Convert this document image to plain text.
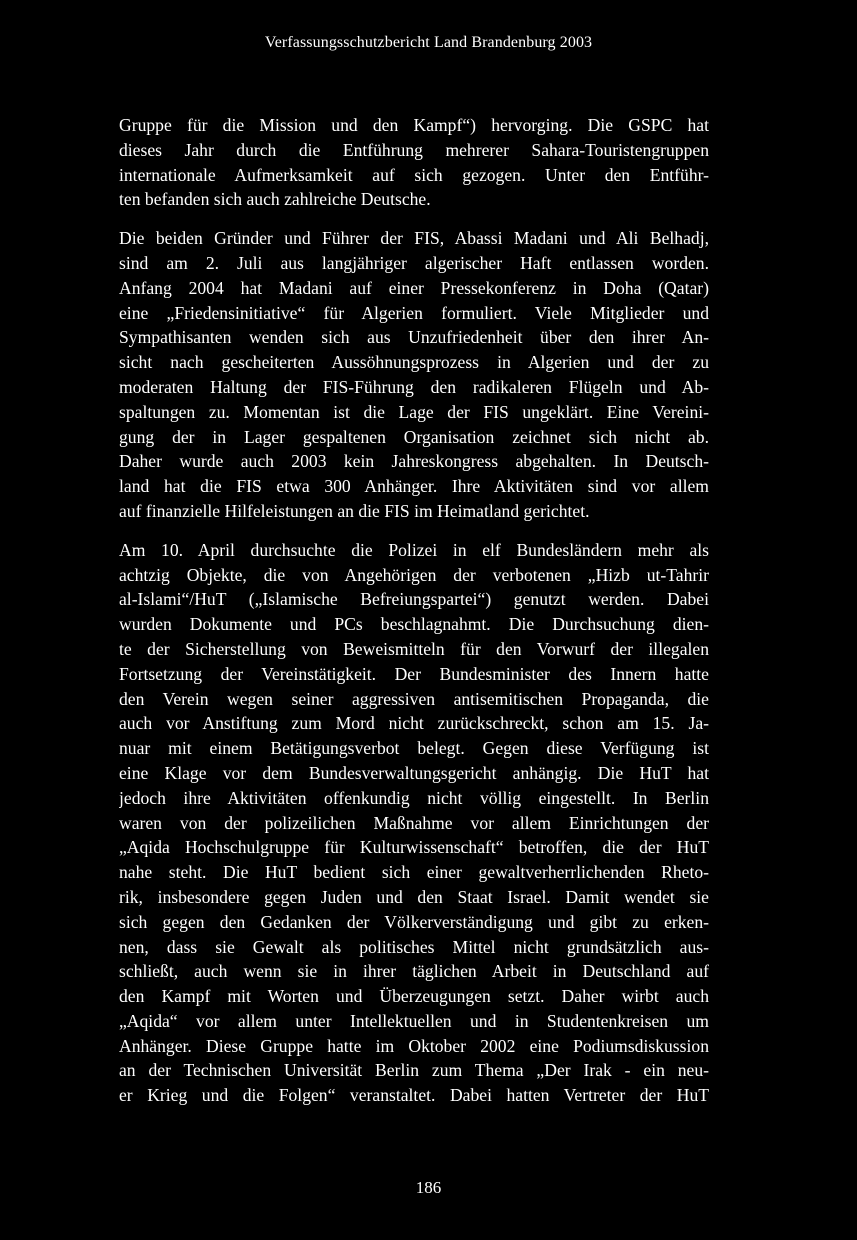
Verfassungsschutzbericht Land Brandenburg 2003

Gruppe für die Mission und den Kampf“) hervorging. Die GSPC hat
dieses Jahr durch die Entführung mehrerer Sahara-Touristengruppen
internationale Aufmerksamkeit auf sich gezogen. Unter den Entführ-
ten befanden sich auch zahlreiche Deutsche.

Die beiden Gründer und Führer der FIS, Abassi Madani und Ali Belhadj,
sind am 2. Juli aus langjähriger algerischer Haft entlassen worden.
Anfang 2004 hat Madani auf einer Pressekonferenz in Doha (Qatar)
eine „Friedensinitiative“ für Algerien formuliert. Viele Mitglieder und
Sympathisanten wenden sich aus Unzufriedenheit über den ihrer An-
sicht nach gescheiterten Aussöhnungsprozess in Algerien und der zu
moderaten Haltung der FIS-Führung den radikaleren Flügeln und Ab-
spaltungen zu. Momentan ist die Lage der FIS ungeklärt. Eine Vereini-
gung der in Lager gespaltenen Organisation zeichnet sich nicht ab.
Daher wurde auch 2003 kein Jahreskongress abgehalten. In Deutsch-
land hat die FIS etwa 300 Anhänger. Ihre Aktivitäten sind vor allem
auf finanzielle Hilfeleistungen an die FIS im Heimatland gerichtet.

Am 10. April durchsuchte die Polizei in elf Bundesländern mehr als
achtzig Objekte, die von Angehörigen der verbotenen „Hizb ut-Tahrir
al-Islami“/HuT („Islamische Befreiungspartei“) genutzt werden. Dabei
wurden Dokumente und PCs beschlagnahmt. Die Durchsuchung dien-
te der Sicherstellung von Beweismitteln für den Vorwurf der illegalen
Fortsetzung der Vereinstätigkeit. Der Bundesminister des Innern hatte
den Verein wegen seiner aggressiven antisemitischen Propaganda, die
auch vor Anstiftung zum Mord nicht zurückschreckt, schon am 15. Ja-
nuar mit einem Betätigungsverbot belegt. Gegen diese Verfügung ist
eine Klage vor dem Bundesverwaltungsgericht anhängig. Die HuT hat
jedoch ihre Aktivitäten offenkundig nicht völlig eingestellt. In Berlin
waren von der polizeilichen Maßnahme vor allem Einrichtungen der
„Aqida Hochschulgruppe für Kulturwissenschaft“ betroffen, die der HuT
nahe steht. Die HuT bedient sich einer gewaltverherrlichenden Rheto-
rik, insbesondere gegen Juden und den Staat Israel. Damit wendet sie
sich gegen den Gedanken der Völkerverständigung und gibt zu erken-
nen, dass sie Gewalt als politisches Mittel nicht grundsätzlich aus-
schließt, auch wenn sie in ihrer täglichen Arbeit in Deutschland auf
den Kampf mit Worten und Überzeugungen setzt. Daher wirbt auch
„Aqida“ vor allem unter Intellektuellen und in Studentenkreisen um
Anhänger. Diese Gruppe hatte im Oktober 2002 eine Podiumsdiskussion
an der Technischen Universität Berlin zum Thema „Der Irak - ein neu-
er Krieg und die Folgen“ veranstaltet. Dabei hatten Vertreter der HuT

186
